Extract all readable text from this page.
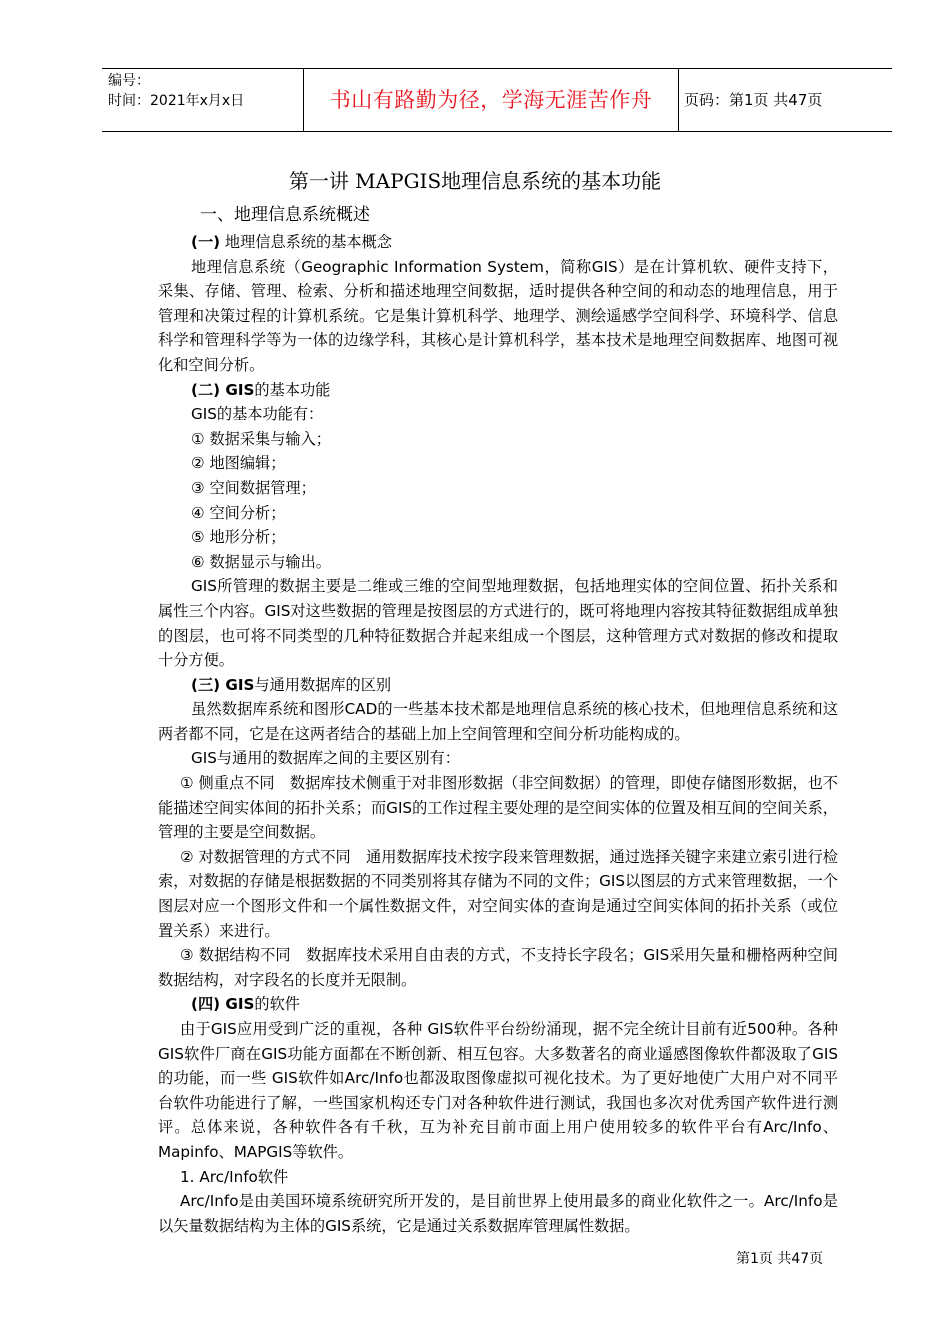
编号：
时间：2021年x月x日	书山有路勤为径，学海无涯苦作舟	页码：第1页 共47页
第一讲 MAPGIS地理信息系统的基本功能

一、地理信息系统概述

(一) 地理信息系统的基本概念

地理信息系统（Geographic Information System，简称GIS）是在计算机软、硬件支持下，采集、存储、管理、检索、分析和描述地理空间数据，适时提供各种空间的和动态的地理信息，用于管理和决策过程的计算机系统。它是集计算机科学、地理学、测绘遥感学空间科学、环境科学、信息科学和管理科学等为一体的边缘学科，其核心是计算机科学，基本技术是地理空间数据库、地图可视化和空间分析。

(二) GIS的基本功能

GIS的基本功能有：

① 数据采集与输入；

② 地图编辑；

③ 空间数据管理；

④ 空间分析；

⑤ 地形分析；

⑥ 数据显示与输出。

GIS所管理的数据主要是二维或三维的空间型地理数据，包括地理实体的空间位置、拓扑关系和属性三个内容。GIS对这些数据的管理是按图层的方式进行的，既可将地理内容按其特征数据组成单独的图层，也可将不同类型的几种特征数据合并起来组成一个图层，这种管理方式对数据的修改和提取十分方便。

(三) GIS与通用数据库的区别

虽然数据库系统和图形CAD的一些基本技术都是地理信息系统的核心技术，但地理信息系统和这两者都不同，它是在这两者结合的基础上加上空间管理和空间分析功能构成的。

GIS与通用的数据库之间的主要区别有：

① 侧重点不同　数据库技术侧重于对非图形数据（非空间数据）的管理，即使存储图形数据，也不能描述空间实体间的拓扑关系；而GIS的工作过程主要处理的是空间实体的位置及相互间的空间关系，管理的主要是空间数据。

② 对数据管理的方式不同　通用数据库技术按字段来管理数据，通过选择关键字来建立索引进行检索，对数据的存储是根据数据的不同类别将其存储为不同的文件；GIS以图层的方式来管理数据，一个图层对应一个图形文件和一个属性数据文件，对空间实体的查询是通过空间实体间的拓扑关系（或位置关系）来进行。

③ 数据结构不同　数据库技术采用自由表的方式，不支持长字段名；GIS采用矢量和栅格两种空间数据结构，对字段名的长度并无限制。

(四) GIS的软件

由于GIS应用受到广泛的重视，各种 GIS软件平台纷纷涌现，据不完全统计目前有近500种。各种GIS软件厂商在GIS功能方面都在不断创新、相互包容。大多数著名的商业遥感图像软件都汲取了GIS的功能，而一些 GIS软件如Arc/Info也都汲取图像虚拟可视化技术。为了更好地使广大用户对不同平台软件功能进行了解，一些国家机构还专门对各种软件进行测试，我国也多次对优秀国产软件进行测评。总体来说，各种软件各有千秋，互为补充目前市面上用户使用较多的软件平台有Arc/Info、Mapinfo、MAPGIS等软件。

1. Arc/Info软件

Arc/Info是由美国环境系统研究所开发的，是目前世界上使用最多的商业化软件之一。Arc/Info是以矢量数据结构为主体的GIS系统，它是通过关系数据库管理属性数据。

第1页 共47页
